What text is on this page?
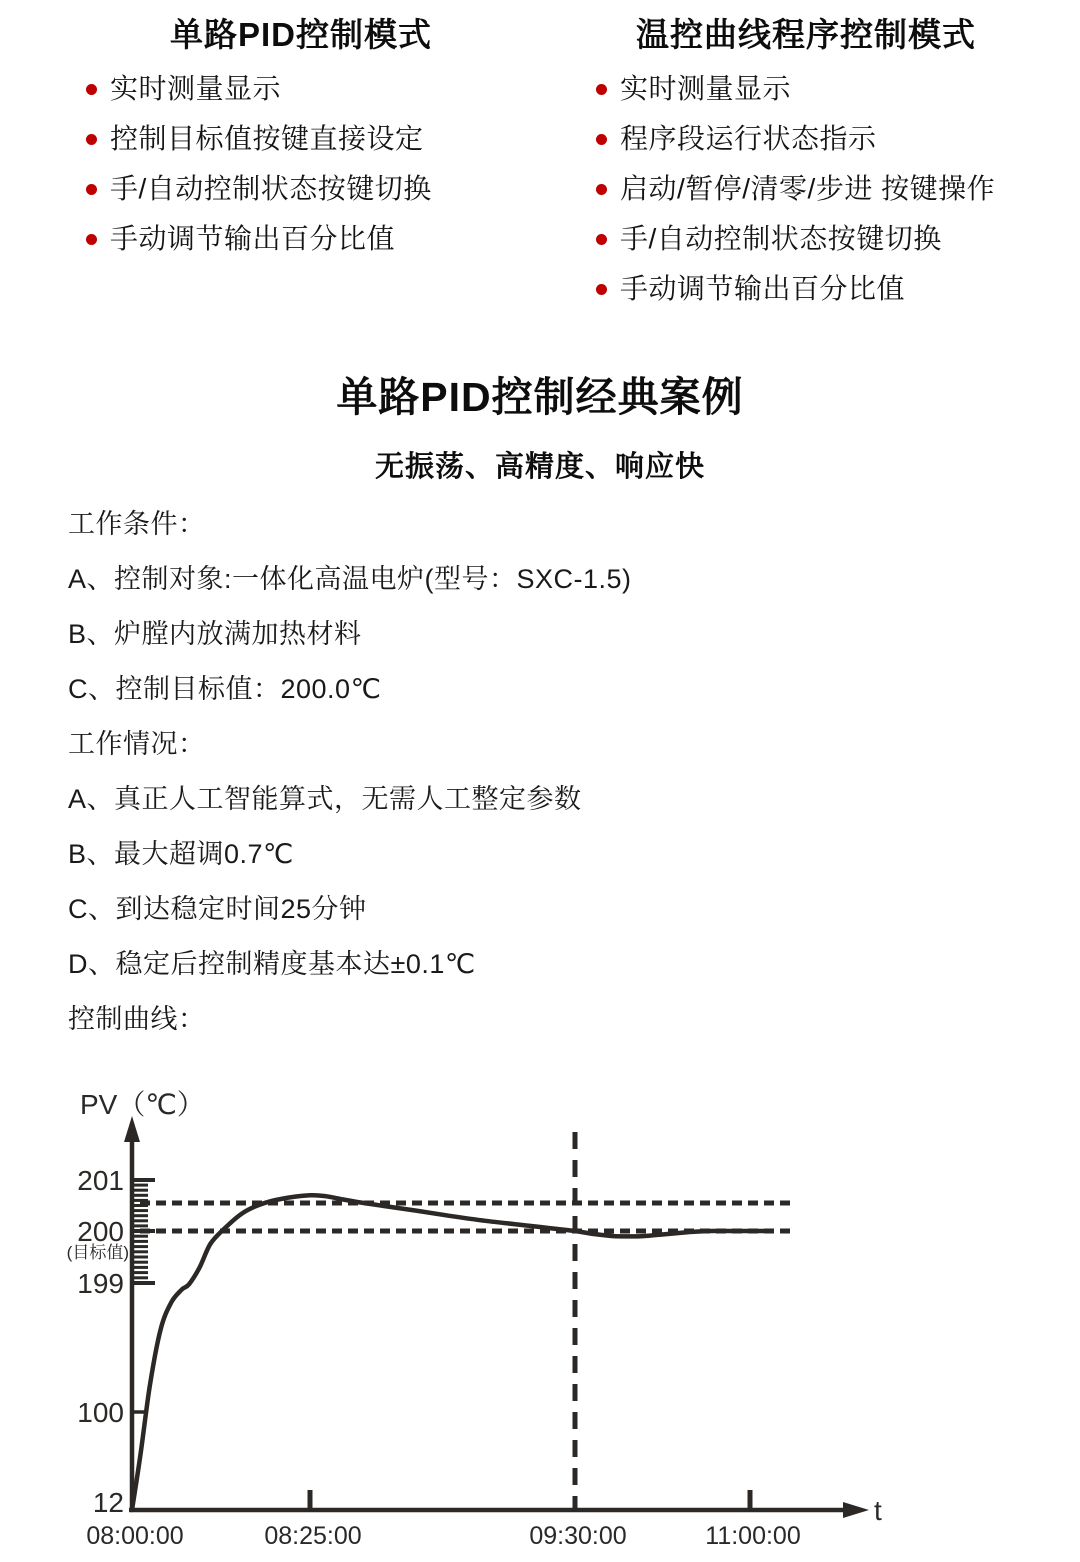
单路PID控制模式
实时测量显示
控制目标值按键直接设定
手/自动控制状态按键切换
手动调节输出百分比值
温控曲线程序控制模式
实时测量显示
程序段运行状态指示
启动/暂停/清零/步进 按键操作
手/自动控制状态按键切换
手动调节输出百分比值
单路PID控制经典案例
无振荡、高精度、响应快

工作条件：

A、控制对象:一体化高温电炉(型号：SXC-1.5)

B、炉膛内放满加热材料

C、控制目标值：200.0℃

工作情况：

A、真正人工智能算式，无需人工整定参数

B、最大超调0.7℃

C、到达稳定时间25分钟

D、稳定后控制精度基本达±0.1℃

控制曲线：

201
200
(目标值)
199
100
12
08:00:00	08:25:00	09:30:00	11:00:00
PV（℃）
t
